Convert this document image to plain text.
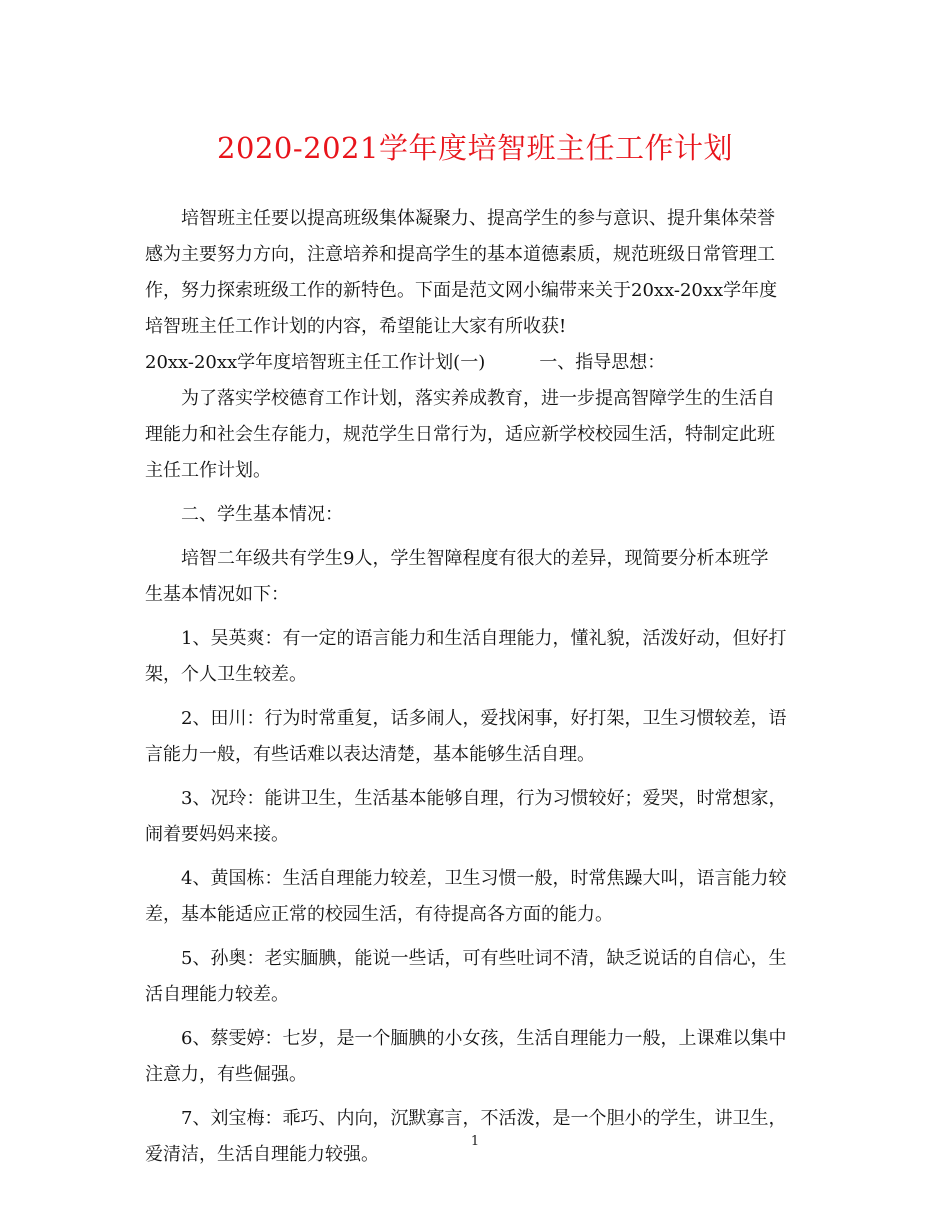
2020-2021学年度培智班主任工作计划
培智班主任要以提高班级集体凝聚力、提高学生的参与意识、提升集体荣誉
感为主要努力方向，注意培养和提高学生的基本道德素质，规范班级日常管理工
作，努力探索班级工作的新特色。下面是范文网小编带来关于20xx-20xx学年度
培智班主任工作计划的内容，希望能让大家有所收获!
20xx-20xx学年度培智班主任工作计划(一)　　　一、指导思想：
为了落实学校德育工作计划，落实养成教育，进一步提高智障学生的生活自
理能力和社会生存能力，规范学生日常行为，适应新学校校园生活，特制定此班
主任工作计划。
二、学生基本情况：
培智二年级共有学生9人，学生智障程度有很大的差异，现简要分析本班学
生基本情况如下：
1、吴英爽：有一定的语言能力和生活自理能力，懂礼貌，活泼好动，但好打
架，个人卫生较差。
2、田川：行为时常重复，话多闹人，爱找闲事，好打架，卫生习惯较差，语
言能力一般，有些话难以表达清楚，基本能够生活自理。
3、况玲：能讲卫生，生活基本能够自理，行为习惯较好；爱哭，时常想家，
闹着要妈妈来接。
4、黄国栋：生活自理能力较差，卫生习惯一般，时常焦躁大叫，语言能力较
差，基本能适应正常的校园生活，有待提高各方面的能力。
5、孙奥：老实腼腆，能说一些话，可有些吐词不清，缺乏说话的自信心，生
活自理能力较差。
6、蔡雯婷：七岁，是一个腼腆的小女孩，生活自理能力一般，上课难以集中
注意力，有些倔强。
7、刘宝梅：乖巧、内向，沉默寡言，不活泼，是一个胆小的学生，讲卫生，
爱清洁，生活自理能力较强。
1
